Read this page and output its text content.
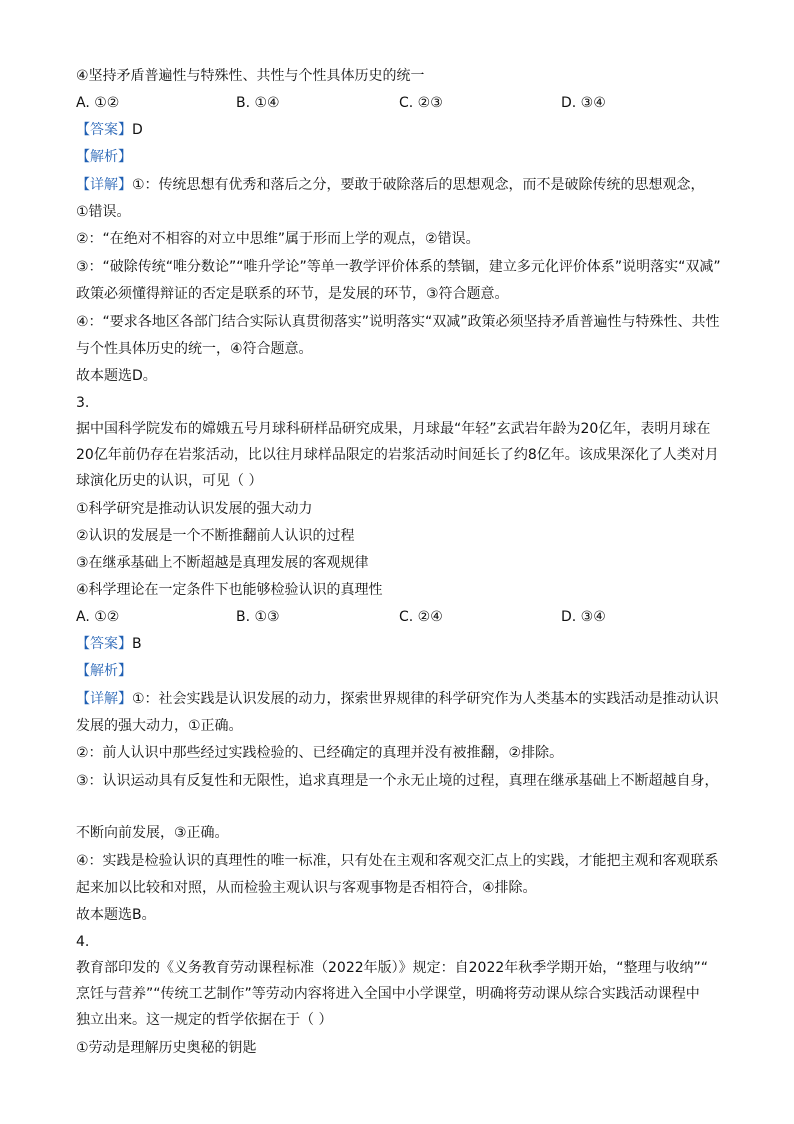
④坚持矛盾普遍性与特殊性、共性与个性具体历史的统一
A. ①②	B. ①④	C. ②③	D. ③④
【答案】D
【解析】
【详解】①：传统思想有优秀和落后之分，要敢于破除落后的思想观念，而不是破除传统的思想观念，
①错误。
②：“在绝对不相容的对立中思维”属于形而上学的观点，②错误。
③：“破除传统“唯分数论”“唯升学论”等单一教学评价体系的禁锢，建立多元化评价体系”说明落实“双减”
政策必须懂得辩证的否定是联系的环节，是发展的环节，③符合题意。
④：“要求各地区各部门结合实际认真贯彻落实”说明落实“双减”政策必须坚持矛盾普遍性与特殊性、共性
与个性具体历史的统一，④符合题意。
故本题选D。
3.
据中国科学院发布的嫦娥五号月球科研样品研究成果，月球最“年轻”玄武岩年龄为20亿年，表明月球在
20亿年前仍存在岩浆活动，比以往月球样品限定的岩浆活动时间延长了约8亿年。该成果深化了人类对月
球演化历史的认识，可见（ ）
①科学研究是推动认识发展的强大动力
②认识的发展是一个不断推翻前人认识的过程
③在继承基础上不断超越是真理发展的客观规律
④科学理论在一定条件下也能够检验认识的真理性
A. ①②	B. ①③	C. ②④	D. ③④
【答案】B
【解析】
【详解】①：社会实践是认识发展的动力，探索世界规律的科学研究作为人类基本的实践活动是推动认识
发展的强大动力，①正确。
②：前人认识中那些经过实践检验的、已经确定的真理并没有被推翻，②排除。
③：认识运动具有反复性和无限性，追求真理是一个永无止境的过程，真理在继承基础上不断超越自身，
不断向前发展，③正确。
④：实践是检验认识的真理性的唯一标准，只有处在主观和客观交汇点上的实践，才能把主观和客观联系
起来加以比较和对照，从而检验主观认识与客观事物是否相符合，④排除。
故本题选B。
4.
教育部印发的《义务教育劳动课程标准（2022年版）》规定：自2022年秋季学期开始，“整理与收纳”“
烹饪与营养”“传统工艺制作”等劳动内容将进入全国中小学课堂，明确将劳动课从综合实践活动课程中
独立出来。这一规定的哲学依据在于（ ）
①劳动是理解历史奥秘的钥匙
